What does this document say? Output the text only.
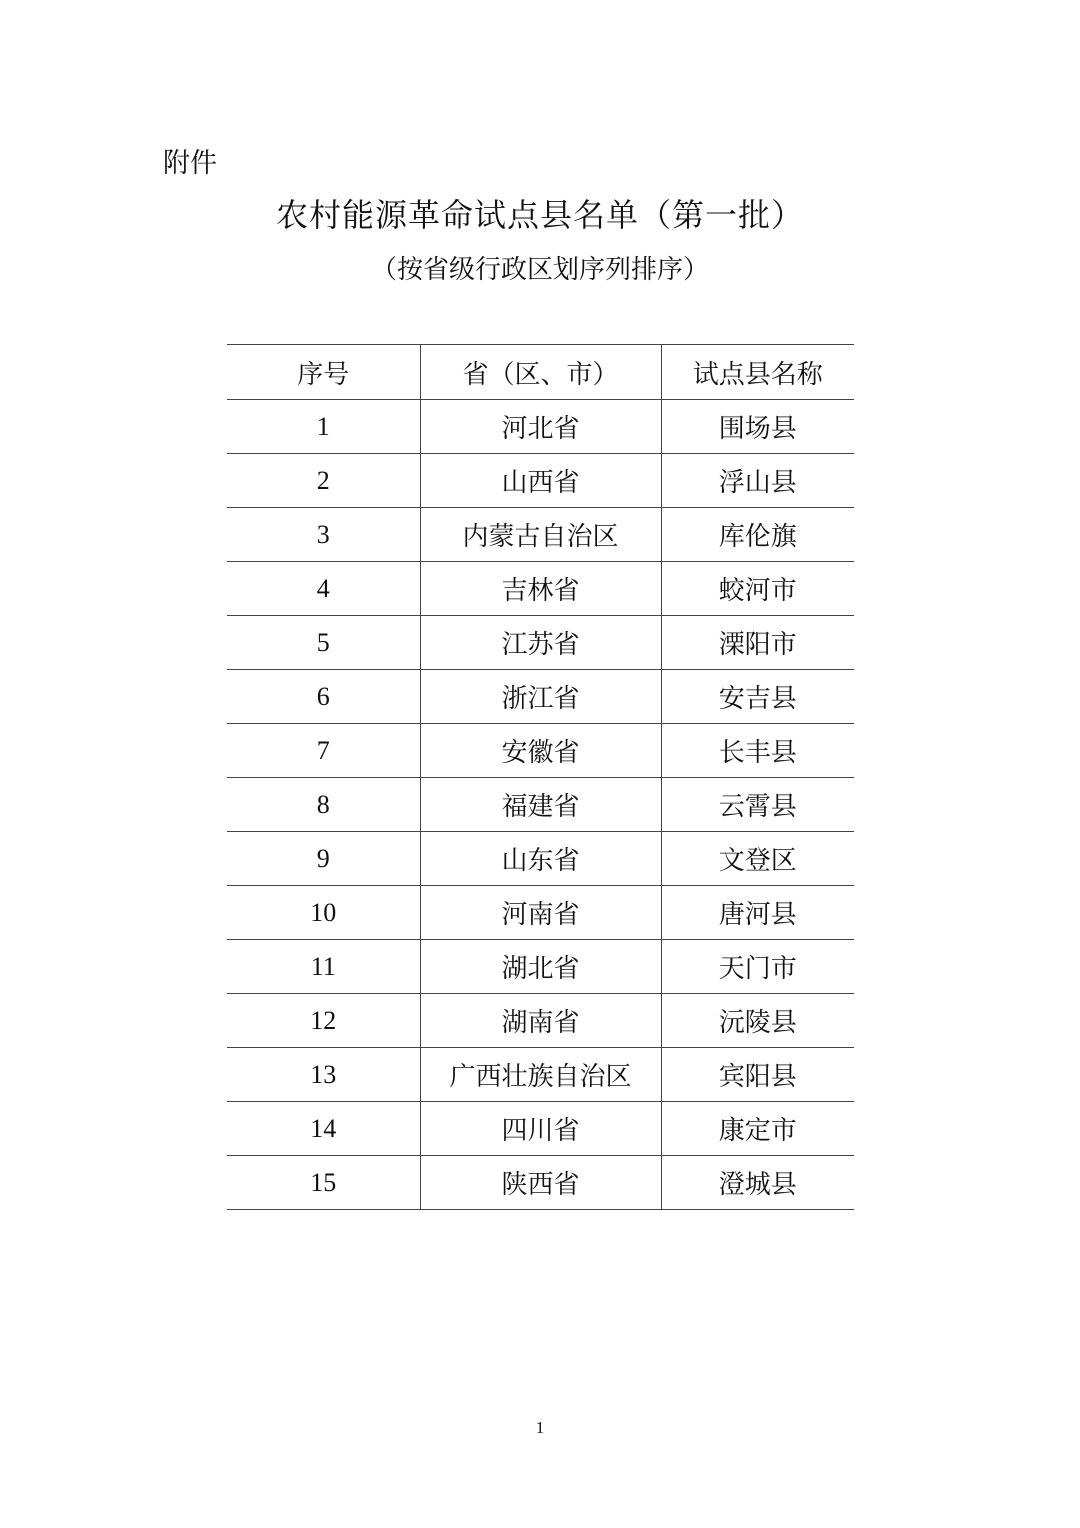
附件
农村能源革命试点县名单（第一批）
（按省级行政区划序列排序）
序号	省（区、市）	试点县名称
1	河北省	围场县
2	山西省	浮山县
3	内蒙古自治区	库伦旗
4	吉林省	蛟河市
5	江苏省	溧阳市
6	浙江省	安吉县
7	安徽省	长丰县
8	福建省	云霄县
9	山东省	文登区
10	河南省	唐河县
11	湖北省	天门市
12	湖南省	沅陵县
13	广西壮族自治区	宾阳县
14	四川省	康定市
15	陕西省	澄城县
1
